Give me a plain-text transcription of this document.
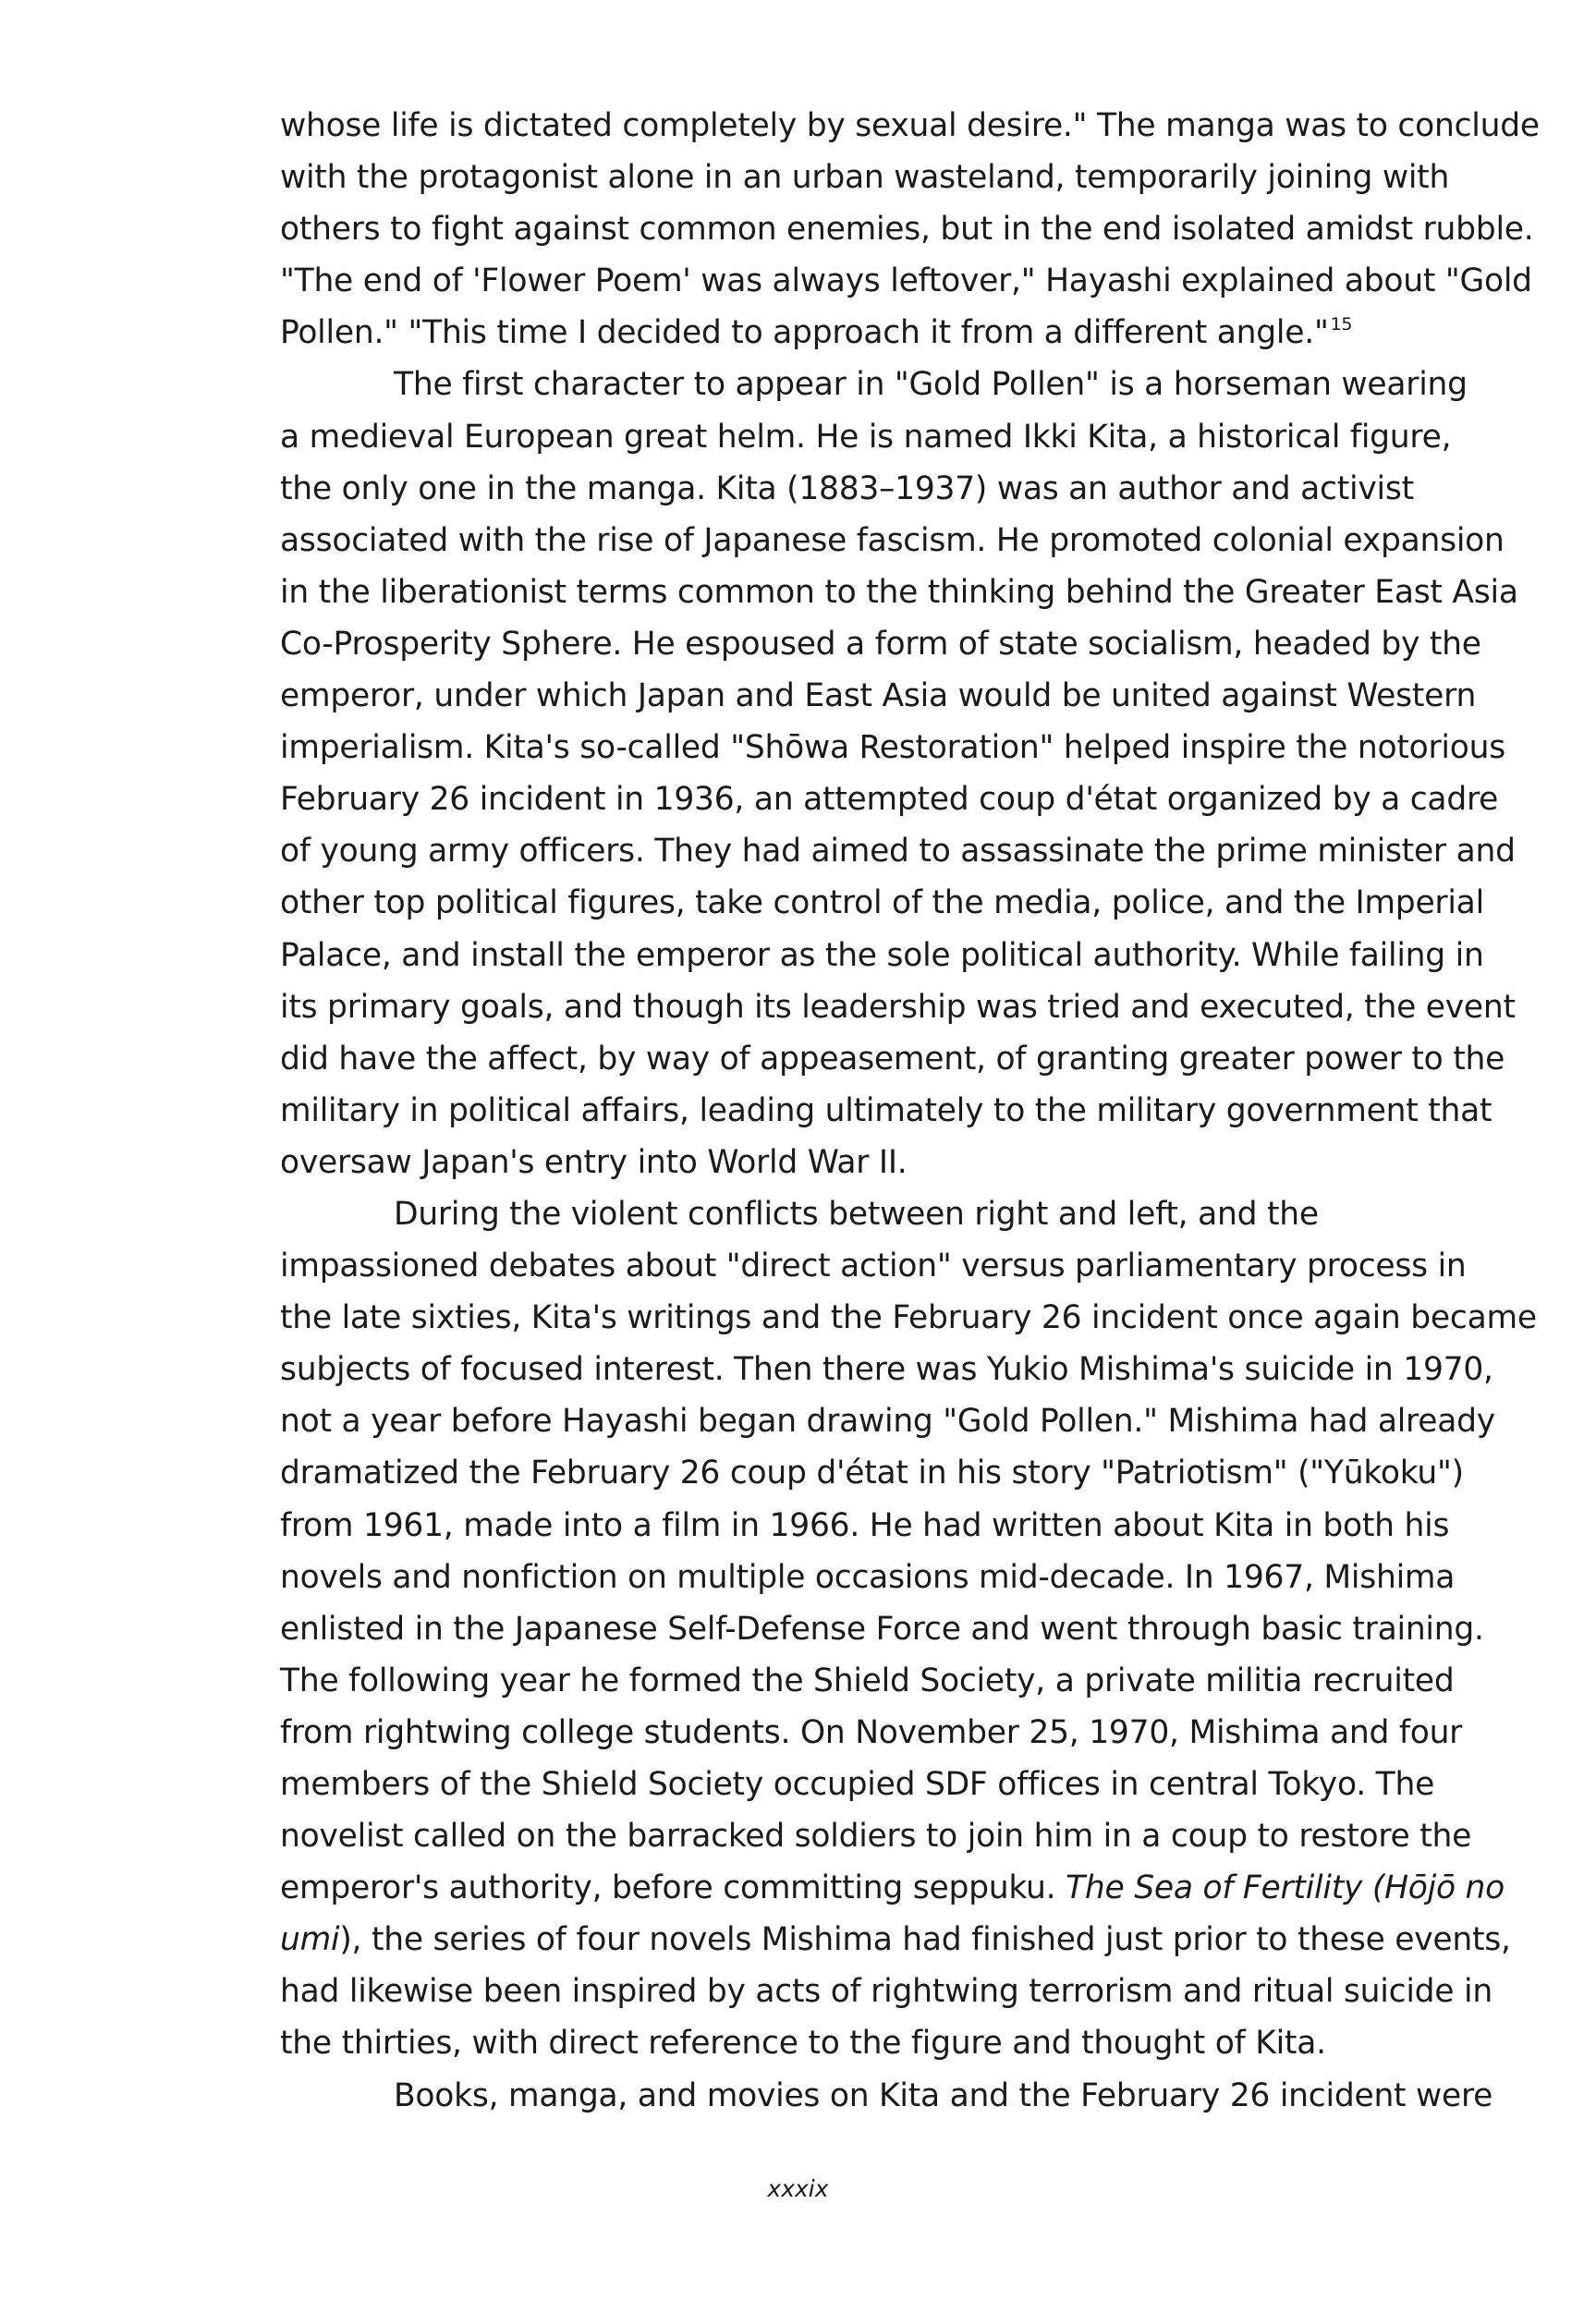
whose life is dictated completely by sexual desire." The manga was to conclude
with the protagonist alone in an urban wasteland, temporarily joining with
others to fight against common enemies, but in the end isolated amidst rubble.
"The end of 'Flower Poem' was always leftover," Hayashi explained about "Gold
Pollen." "This time I decided to approach it from a different angle." $^{15}$
The first character to appear in "Gold Pollen" is a horseman wearing
a medieval European great helm. He is named Ikki Kita, a historical figure,
the only one in the manga. Kita (1883–1937) was an author and activist
associated with the rise of Japanese fascism. He promoted colonial expansion
in the liberationist terms common to the thinking behind the Greater East Asia
Co-Prosperity Sphere. He espoused a form of state socialism, headed by the
emperor, under which Japan and East Asia would be united against Western
imperialism. Kita's so-called "Shōwa Restoration" helped inspire the notorious
February 26 incident in 1936, an attempted coup d'état organized by a cadre
of young army officers. They had aimed to assassinate the prime minister and
other top political figures, take control of the media, police, and the Imperial
Palace, and install the emperor as the sole political authority. While failing in
its primary goals, and though its leadership was tried and executed, the event
did have the affect, by way of appeasement, of granting greater power to the
military in political affairs, leading ultimately to the military government that
oversaw Japan's entry into World War II.
During the violent conflicts between right and left, and the
impassioned debates about "direct action" versus parliamentary process in
the late sixties, Kita's writings and the February 26 incident once again became
subjects of focused interest. Then there was Yukio Mishima's suicide in 1970,
not a year before Hayashi began drawing "Gold Pollen." Mishima had already
dramatized the February 26 coup d'état in his story "Patriotism" ("Yūkoku")
from 1961, made into a film in 1966. He had written about Kita in both his
novels and nonfiction on multiple occasions mid-decade. In 1967, Mishima
enlisted in the Japanese Self-Defense Force and went through basic training.
The following year he formed the Shield Society, a private militia recruited
from rightwing college students. On November 25, 1970, Mishima and four
members of the Shield Society occupied SDF offices in central Tokyo. The
novelist called on the barracked soldiers to join him in a coup to restore the
emperor's authority, before committing seppuku. The Sea of Fertility (Hōjō no
umi), the series of four novels Mishima had finished just prior to these events,
had likewise been inspired by acts of rightwing terrorism and ritual suicide in
the thirties, with direct reference to the figure and thought of Kita.
Books, manga, and movies on Kita and the February 26 incident were
xxxix
